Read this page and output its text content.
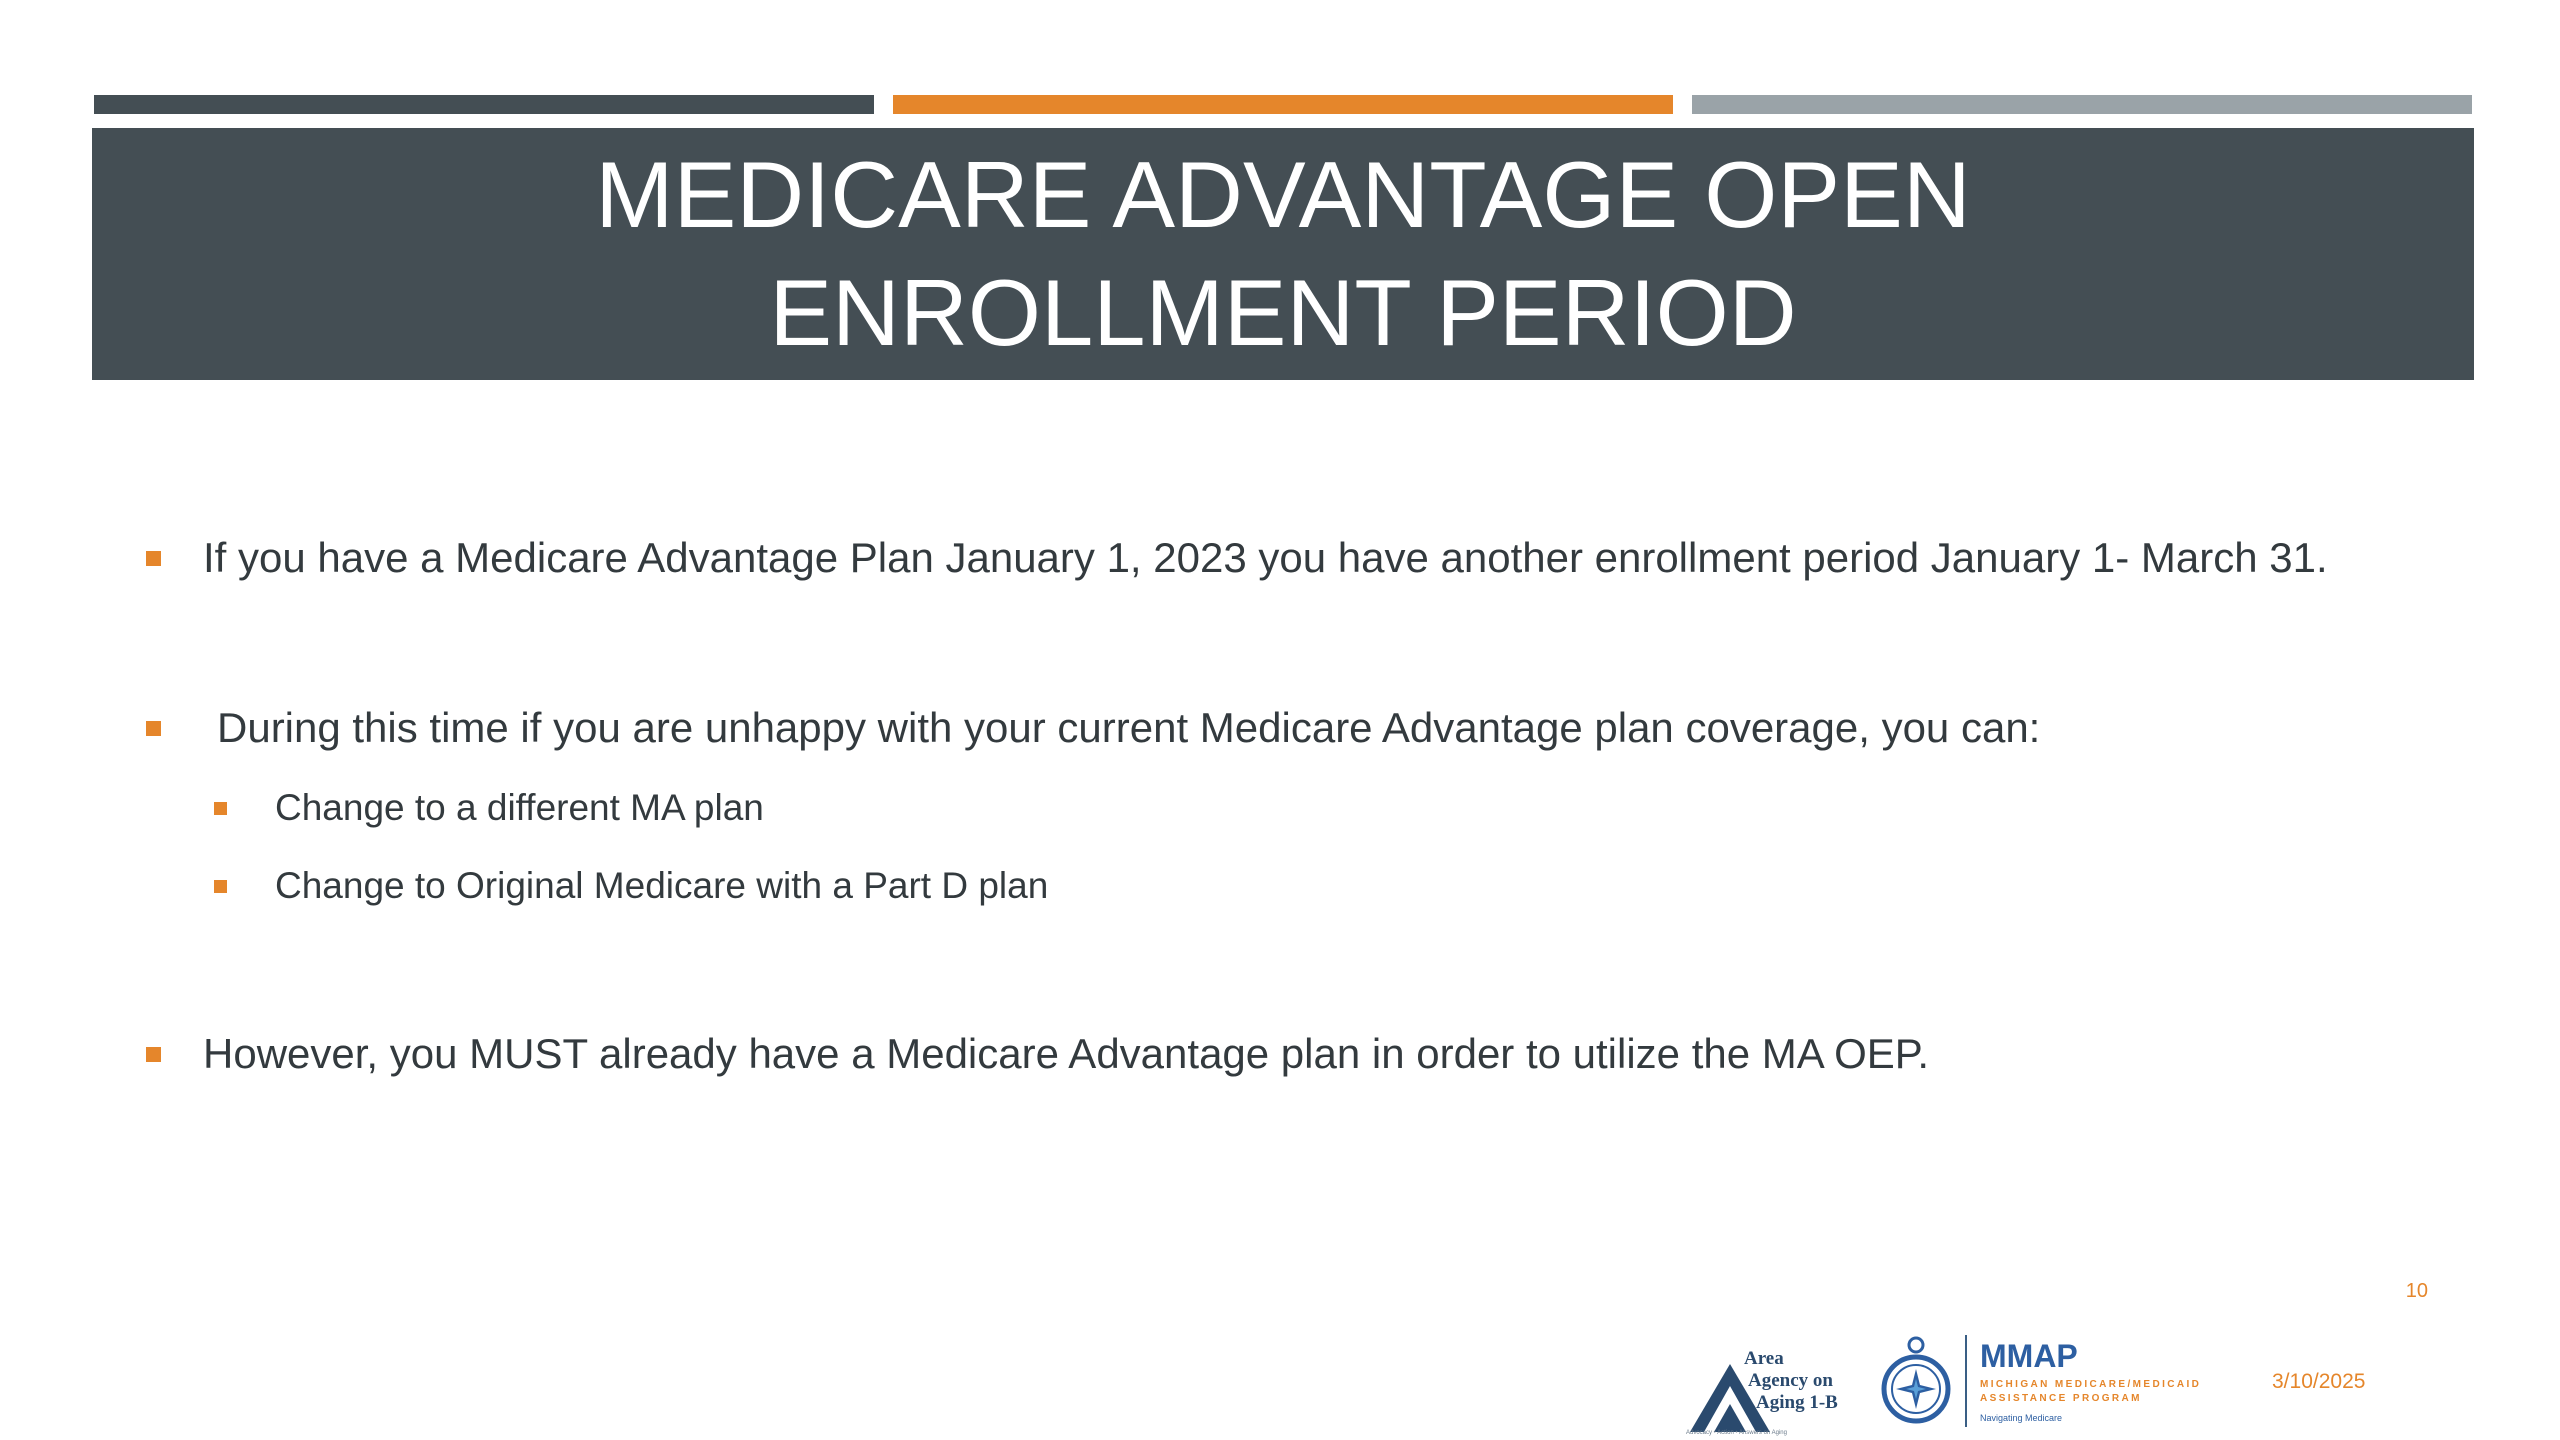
MEDICARE ADVANTAGE OPEN
ENROLLMENT PERIOD
If you have a Medicare Advantage Plan January 1, 2023 you have another enrollment period January 1- March 31.
During this time if you are unhappy with your current Medicare Advantage plan coverage, you can:
Change to a different MA plan
Change to Original Medicare with a Part D plan
However, you MUST already have a Medicare Advantage plan in order to utilize the MA OEP.
10
Area
Agency on
Aging 1-B
Advocacy • Action • Answers on Aging
MMAP
MICHIGAN MEDICARE/MEDICAID ASSISTANCE PROGRAM
Navigating Medicare
3/10/2025
